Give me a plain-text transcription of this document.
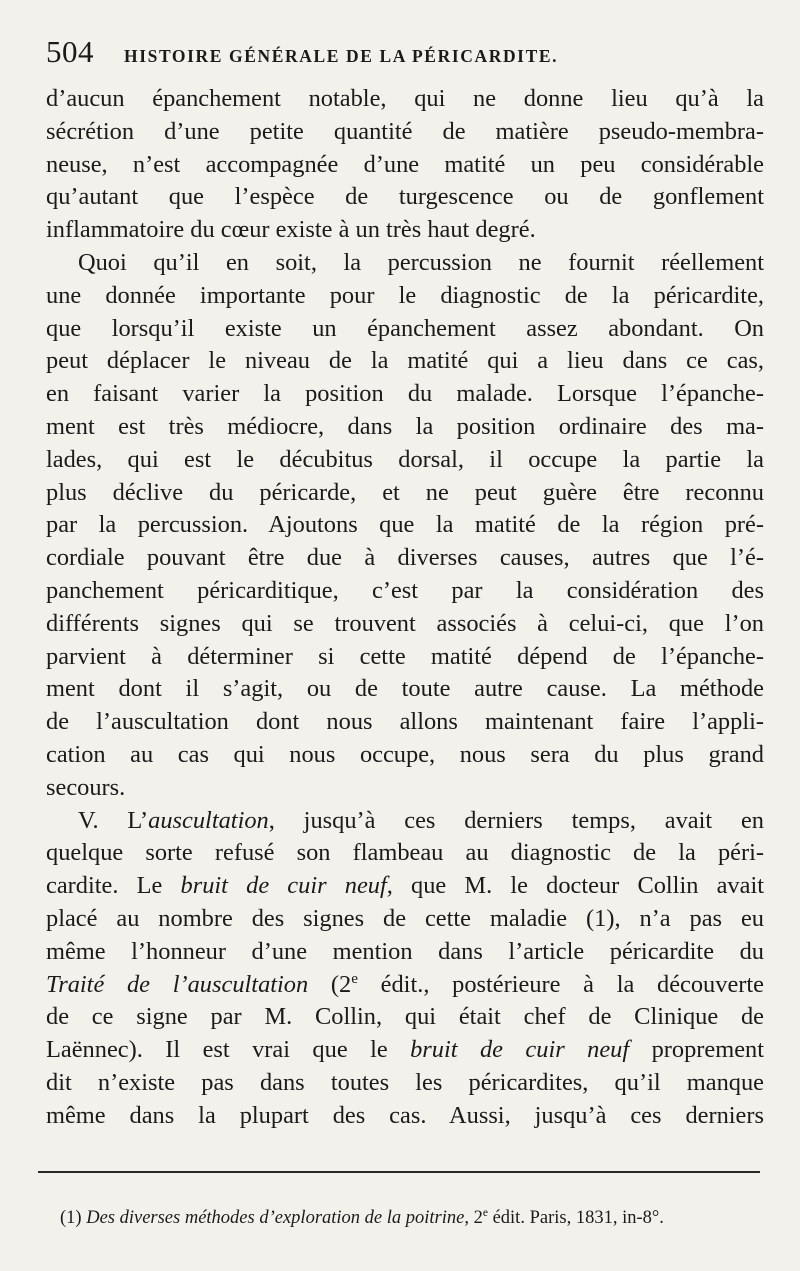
504 HISTOIRE GÉNÉRALE DE LA PÉRICARDITE.

d’aucun épanchement notable, qui ne donne lieu qu’à la
sécrétion d’une petite quantité de matière pseudo-membra-
neuse, n’est accompagnée d’une matité un peu considérable
qu’autant que l’espèce de turgescence ou de gonflement
inflammatoire du cœur existe à un très haut degré.

Quoi qu’il en soit, la percussion ne fournit réellement
une donnée importante pour le diagnostic de la péricardite,
que lorsqu’il existe un épanchement assez abondant. On
peut déplacer le niveau de la matité qui a lieu dans ce cas,
en faisant varier la position du malade. Lorsque l’épanche-
ment est très médiocre, dans la position ordinaire des ma-
lades, qui est le décubitus dorsal, il occupe la partie la
plus déclive du péricarde, et ne peut guère être reconnu
par la percussion. Ajoutons que la matité de la région pré-
cordiale pouvant être due à diverses causes, autres que l’é-
panchement péricarditique, c’est par la considération des
différents signes qui se trouvent associés à celui-ci, que l’on
parvient à déterminer si cette matité dépend de l’épanche-
ment dont il s’agit, ou de toute autre cause. La méthode
de l’auscultation dont nous allons maintenant faire l’appli-
cation au cas qui nous occupe, nous sera du plus grand
secours.

V. L’auscultation, jusqu’à ces derniers temps, avait en
quelque sorte refusé son flambeau au diagnostic de la péri-
cardite. Le bruit de cuir neuf, que M. le docteur Collin avait
placé au nombre des signes de cette maladie (1), n’a pas eu
même l’honneur d’une mention dans l’article péricardite du
Traité de l’auscultation (2e édit., postérieure à la découverte
de ce signe par M. Collin, qui était chef de Clinique de
Laënnec). Il est vrai que le bruit de cuir neuf proprement
dit n’existe pas dans toutes les péricardites, qu’il manque
même dans la plupart des cas. Aussi, jusqu’à ces derniers

(1) Des diverses méthodes d’exploration de la poitrine, 2e édit. Paris, 1831, in-8°.
